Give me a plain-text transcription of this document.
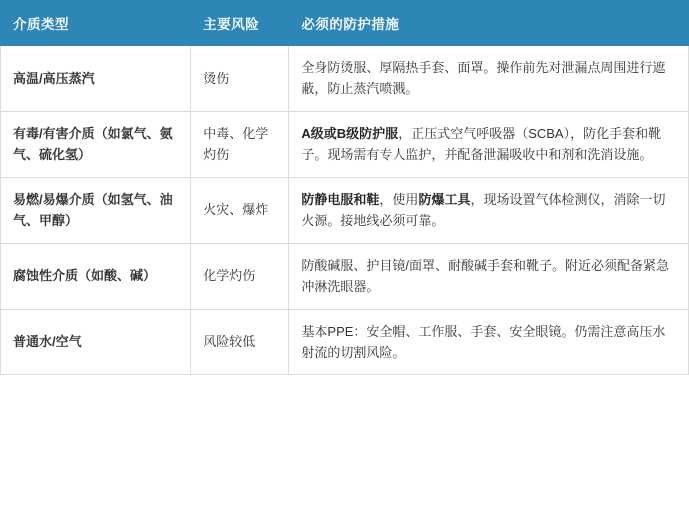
介质类型	主要风险	必须的防护措施
高温/高压蒸汽	烫伤	全身防烫服、厚隔热手套、面罩。操作前先对泄漏点周围进行遮蔽，防止蒸汽喷溅。
有毒/有害介质（如氯气、氨气、硫化氢）	中毒、化学灼伤	A级或B级防护服，正压式空气呼吸器（SCBA），防化手套和靴子。现场需有专人监护，并配备泄漏吸收中和剂和洗消设施。
易燃/易爆介质（如氢气、油气、甲醇）	火灾、爆炸	防静电服和鞋，使用防爆工具，现场设置气体检测仪，消除一切火源。接地线必须可靠。
腐蚀性介质（如酸、碱）	化学灼伤	防酸碱服、护目镜/面罩、耐酸碱手套和靴子。附近必须配备紧急冲淋洗眼器。
普通水/空气	风险较低	基本PPE：安全帽、工作服、手套、安全眼镜。仍需注意高压水射流的切割风险。
